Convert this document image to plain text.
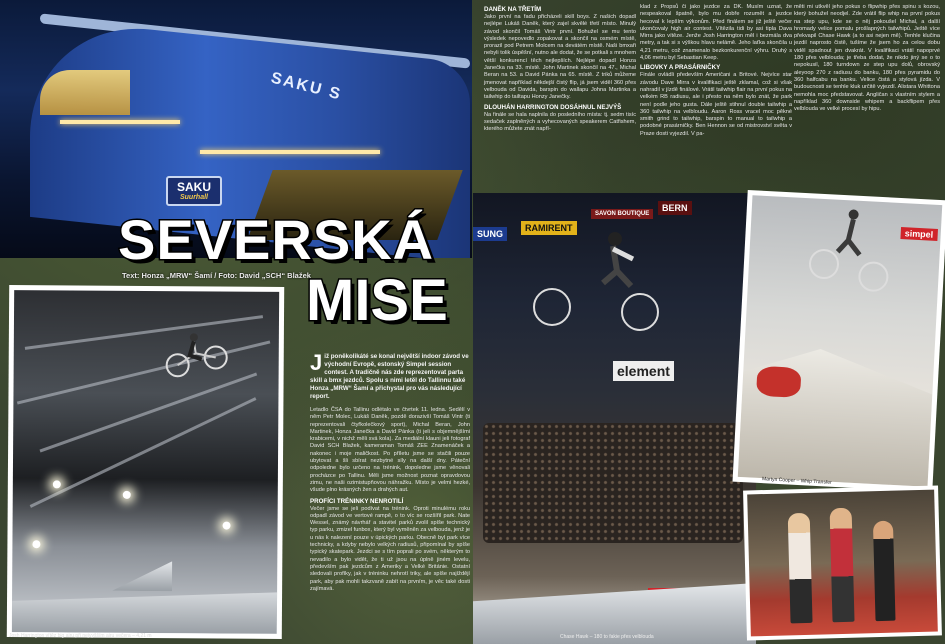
SAKU S
SAKU
Suurhall
SEVERSKÁ
MISE
Text: Honza „MRW“ Šamí / Foto: David „SCH“ Blažek
Josh Harrington vítěz big airu při nejvyšším airu večera – 4,21 m

Již poněkolikáté se konal největší indoor závod ve východní Evropě, estonský Simpel session contest. A tradičně nás zde reprezentovat parta skill a bmx jezdců. Spolu s nimi letěl do Tallinnu také Honza „MRW“ Šamí a přichystal pro vás následující report.

Letadlo ČSA do Tallinu odlétalo ve čtvrtek 11. ledna. Sedělí v něm Petr Molec, Lukáš Daněk, pozdě dorazivší Tomáš Vintr (ti reprezentovali čtyřkolečkový sport), Michal Beran, John Martinek, Honza Janečka a David Pánka (ti jeli s objemnějšími krabicemi, v nichž měli svá kola). Za mediální klauni jeli fotograf David SCH Blažek, kameraman Tomáš ZEE Znamenáček a nakonec i moje maličkost. Po příletu jsme se stačili pouze ubytovat a šli sbírat nezbytné síly na další dny. Páteční odpoledne bylo určeno na trénink, dopoledne jsme věnovali procházce po Tallinu. Měli jsme možnost poznat opravdovou zimu, ne naši ozimistupňovou náhražku. Místo je velmi hezké, všude plno krásných žen a drahých aut.

PROFÍCI TRÉNINKY NENROTILÍ

Večer jsme se jeli podívat na trénink. Oproti minulému roku odpadl závod ve vertové rampě, o to víc se rozšířil park. Nate Wessel, známý návrhář a stavitel parků zvolil spíše technický typ parku, zmizel funbox, který byl vyměněn za velbouda, jenž je u nás k nalezení pouze v úpických parku. Obecně byl park více technicky, a kdyby nebylo velkých radiusů, připomínal by spíše typický skatepark. Jezdci se s tím poprali po svém, některým to nevadilo a bylo vidět, že ti už jsou na úplně jiném levelu, především pak jezdcům z Ameriky a Velké Británie. Ostatní sledovali profíky, jak v tréninku nehrotí triky, ale spíše najíždějí park, aby pak mohli takzvaně zabít na prvním, je věc také dosti zajímavá.

DANĚK NA TŘETÍM

Jako první na řadu přicházeli skill boys. Z našich dopadl nejlépe Lukáš Daněk, který zajel skvělé třetí místo. Minulý závod skončil Tomáš Vintr první. Bohužel se mu tento výsledek nepovedlo zopakovat a skončil na osmém místě, prorazil pod Petrem Molcem na devátém místě. Naši bmxaři nebyli tolik úspěšní, nutno ale dodat, že se potkali s mnohem větší konkurencí těch nejlepších. Nejlépe dopadl Honza Janečka na 33. místě. John Martinek skončil na 47., Michal Beran na 53. a David Pánka na 65. místě. Z triků můžeme jmenovat například někdejší čistý flip, já jsem viděl 360 přes velbouda od Davida, barspin do wallapu Johna Martinka a tailwhip do tailtapu Honzy Janečky.

DLOUHÁN HARRINGTON DOSÁHNUL NEJVÝŠ

Na finále se hala naplnila do posledního místa: tj. sedm tisíc sedaček zaplněných a vyhecovaných speakerem Catfishem, kterého můžete znát napří-

klad z Propsů či jako jezdce za DK. Musím uznat, že nespeakoval špatně, bylo mu dobře rozumět a jezdce hecoval k lepším výkonům. Před finálem se již ještě večer ukončovaly high air contest. Vítězila tidi by asi tipla Dava Mirra jako vítěze. Jenže Josh Harrington měl i bezmála dva metry, a tak si s výškou hlavu nelámě. Jeho laťka skončila u 4,21 metru, což znamenalo bezkonkurenční výhru. Druhý s 4,06 metru byl Sebastian Keep.

LIBOVKY A PRASÁRNIČKY

Finále ovládli především Američani a Britové. Nejvíce star závodu Dave Mirra v kvalifikaci ještě zklamal, což si však nahradil v jízdě finálové. Vrátil tailwhip flair na první pokus na velkém RB radiusu, ale i přesto na něm bylo znát, že park není podle jeho gusta. Dále ještě stihnul double tailwhip a 360 tailwhip na velbloudu. Aaron Ross vracel moc pěkné smith grind to tailwhip, barspin to manual to tailwhip a podobné prasárničky. Ben Hennon se od mistrovství světa v Praze dosti vyjezdil. V pa-

měti mi utkvěl jeho pokus o flipwhip přes spinu s kozou, který bohužel neodjel. Zde vrátil flip whip na první pokus na step upu, kde se o něj pokoušel Michal, a další hromady velice pomalu prošlapných tailwhipů. Ještě více překvapil Chase Hawk (a to asi nejen mě). Tenhle klučina jezdil naprosto čistě, tušíme že jsem ho za celou dobu viděl spadnout jen dvakrát. V kvalifikaci vrátil napoprvé 180 přes velblouda; je třeba dodat, že nikdo jiný se o to nepokusil, 180 turndown ze step upu dolů, obrovský aleyoop 270 z radiusu do banku, 180 přes pyramidu do 360 halfcabu na banku. Velice čistá a stylová jízda. V budoucnosti se tenhle kluk určitě vyjezdí. Alistara Whittona nemohla moc představovat. Angličan s vlastním stylem a například 360 downside whipem a backflipem přes velblouda ve velké procesí by hipu.

SUNG
RAMIRENT
SAVON BOUTIQUE
BERN
element
Chase Hawk – 180 to fakie přes velblouda
simpel
Martyn Cooper – Whip Transfer
